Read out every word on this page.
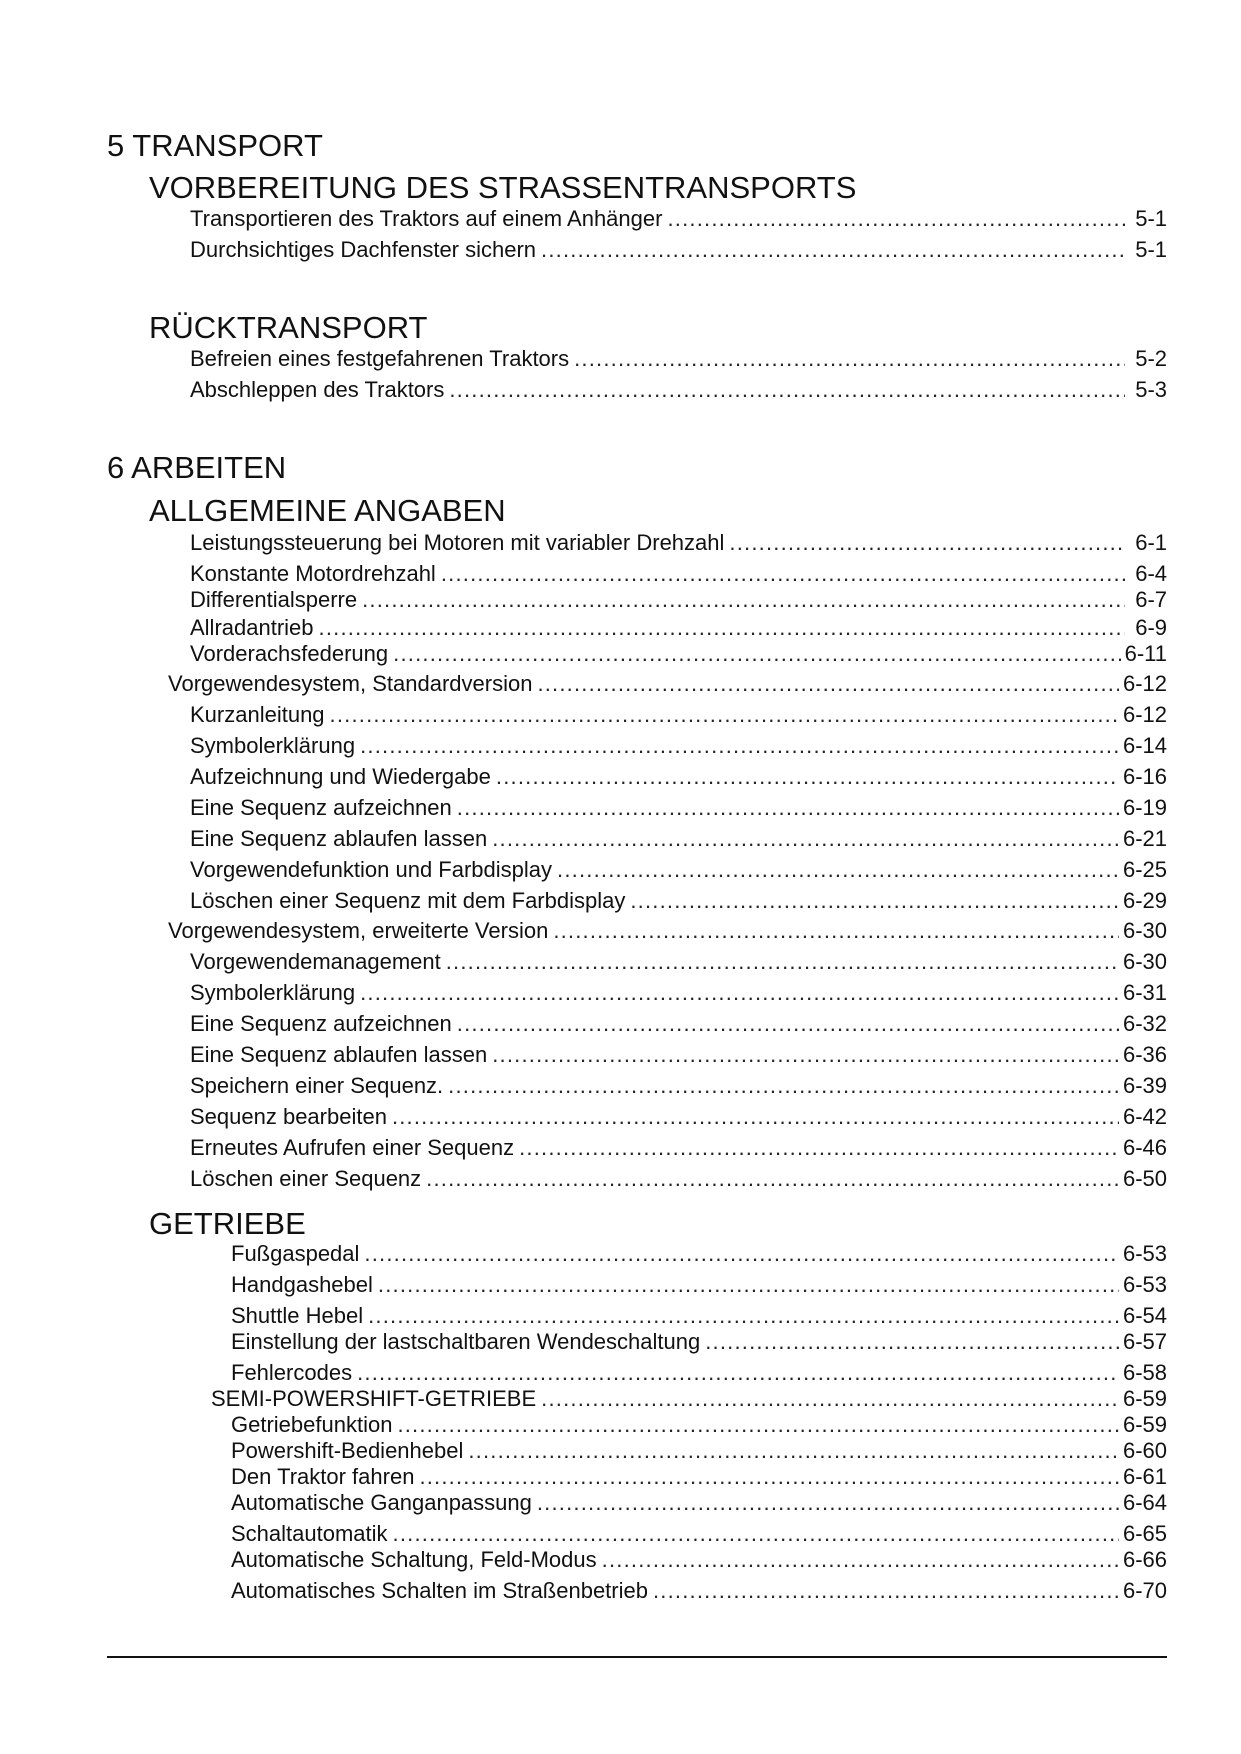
5 TRANSPORT
VORBEREITUNG DES STRASSENTRANSPORTS
Transportieren des Traktors auf einem Anhänger .....	5-1
Durchsichtiges Dachfenster sichern .....	5-1
RÜCKTRANSPORT
Befreien eines festgefahrenen Traktors .....	5-2
Abschleppen des Traktors .....	5-3
6 ARBEITEN
ALLGEMEINE ANGABEN
Leistungssteuerung bei Motoren mit variabler Drehzahl .....	6-1
Konstante Motordrehzahl .....	6-4
Differentialsperre .....	6-7
Allradantrieb .....	6-9
Vorderachsfederung .....	6-11
Vorgewendesystem, Standardversion .....	6-12
Kurzanleitung .....	6-12
Symbolerklärung .....	6-14
Aufzeichnung und Wiedergabe .....	6-16
Eine Sequenz aufzeichnen .....	6-19
Eine Sequenz ablaufen lassen .....	6-21
Vorgewendefunktion und Farbdisplay .....	6-25
Löschen einer Sequenz mit dem Farbdisplay .....	6-29
Vorgewendesystem, erweiterte Version .....	6-30
Vorgewendemanagement .....	6-30
Symbolerklärung .....	6-31
Eine Sequenz aufzeichnen .....	6-32
Eine Sequenz ablaufen lassen .....	6-36
Speichern einer Sequenz. .....	6-39
Sequenz bearbeiten .....	6-42
Erneutes Aufrufen einer Sequenz .....	6-46
Löschen einer Sequenz .....	6-50
GETRIEBE
Fußgaspedal .....	6-53
Handgashebel .....	6-53
Shuttle Hebel .....	6-54
Einstellung der lastschaltbaren Wendeschaltung .....	6-57
Fehlercodes .....	6-58
SEMI-POWERSHIFT-GETRIEBE .....	6-59
Getriebefunktion .....	6-59
Powershift-Bedienhebel .....	6-60
Den Traktor fahren .....	6-61
Automatische Ganganpassung .....	6-64
Schaltautomatik .....	6-65
Automatische Schaltung, Feld-Modus .....	6-66
Automatisches Schalten im Straßenbetrieb .....	6-70
